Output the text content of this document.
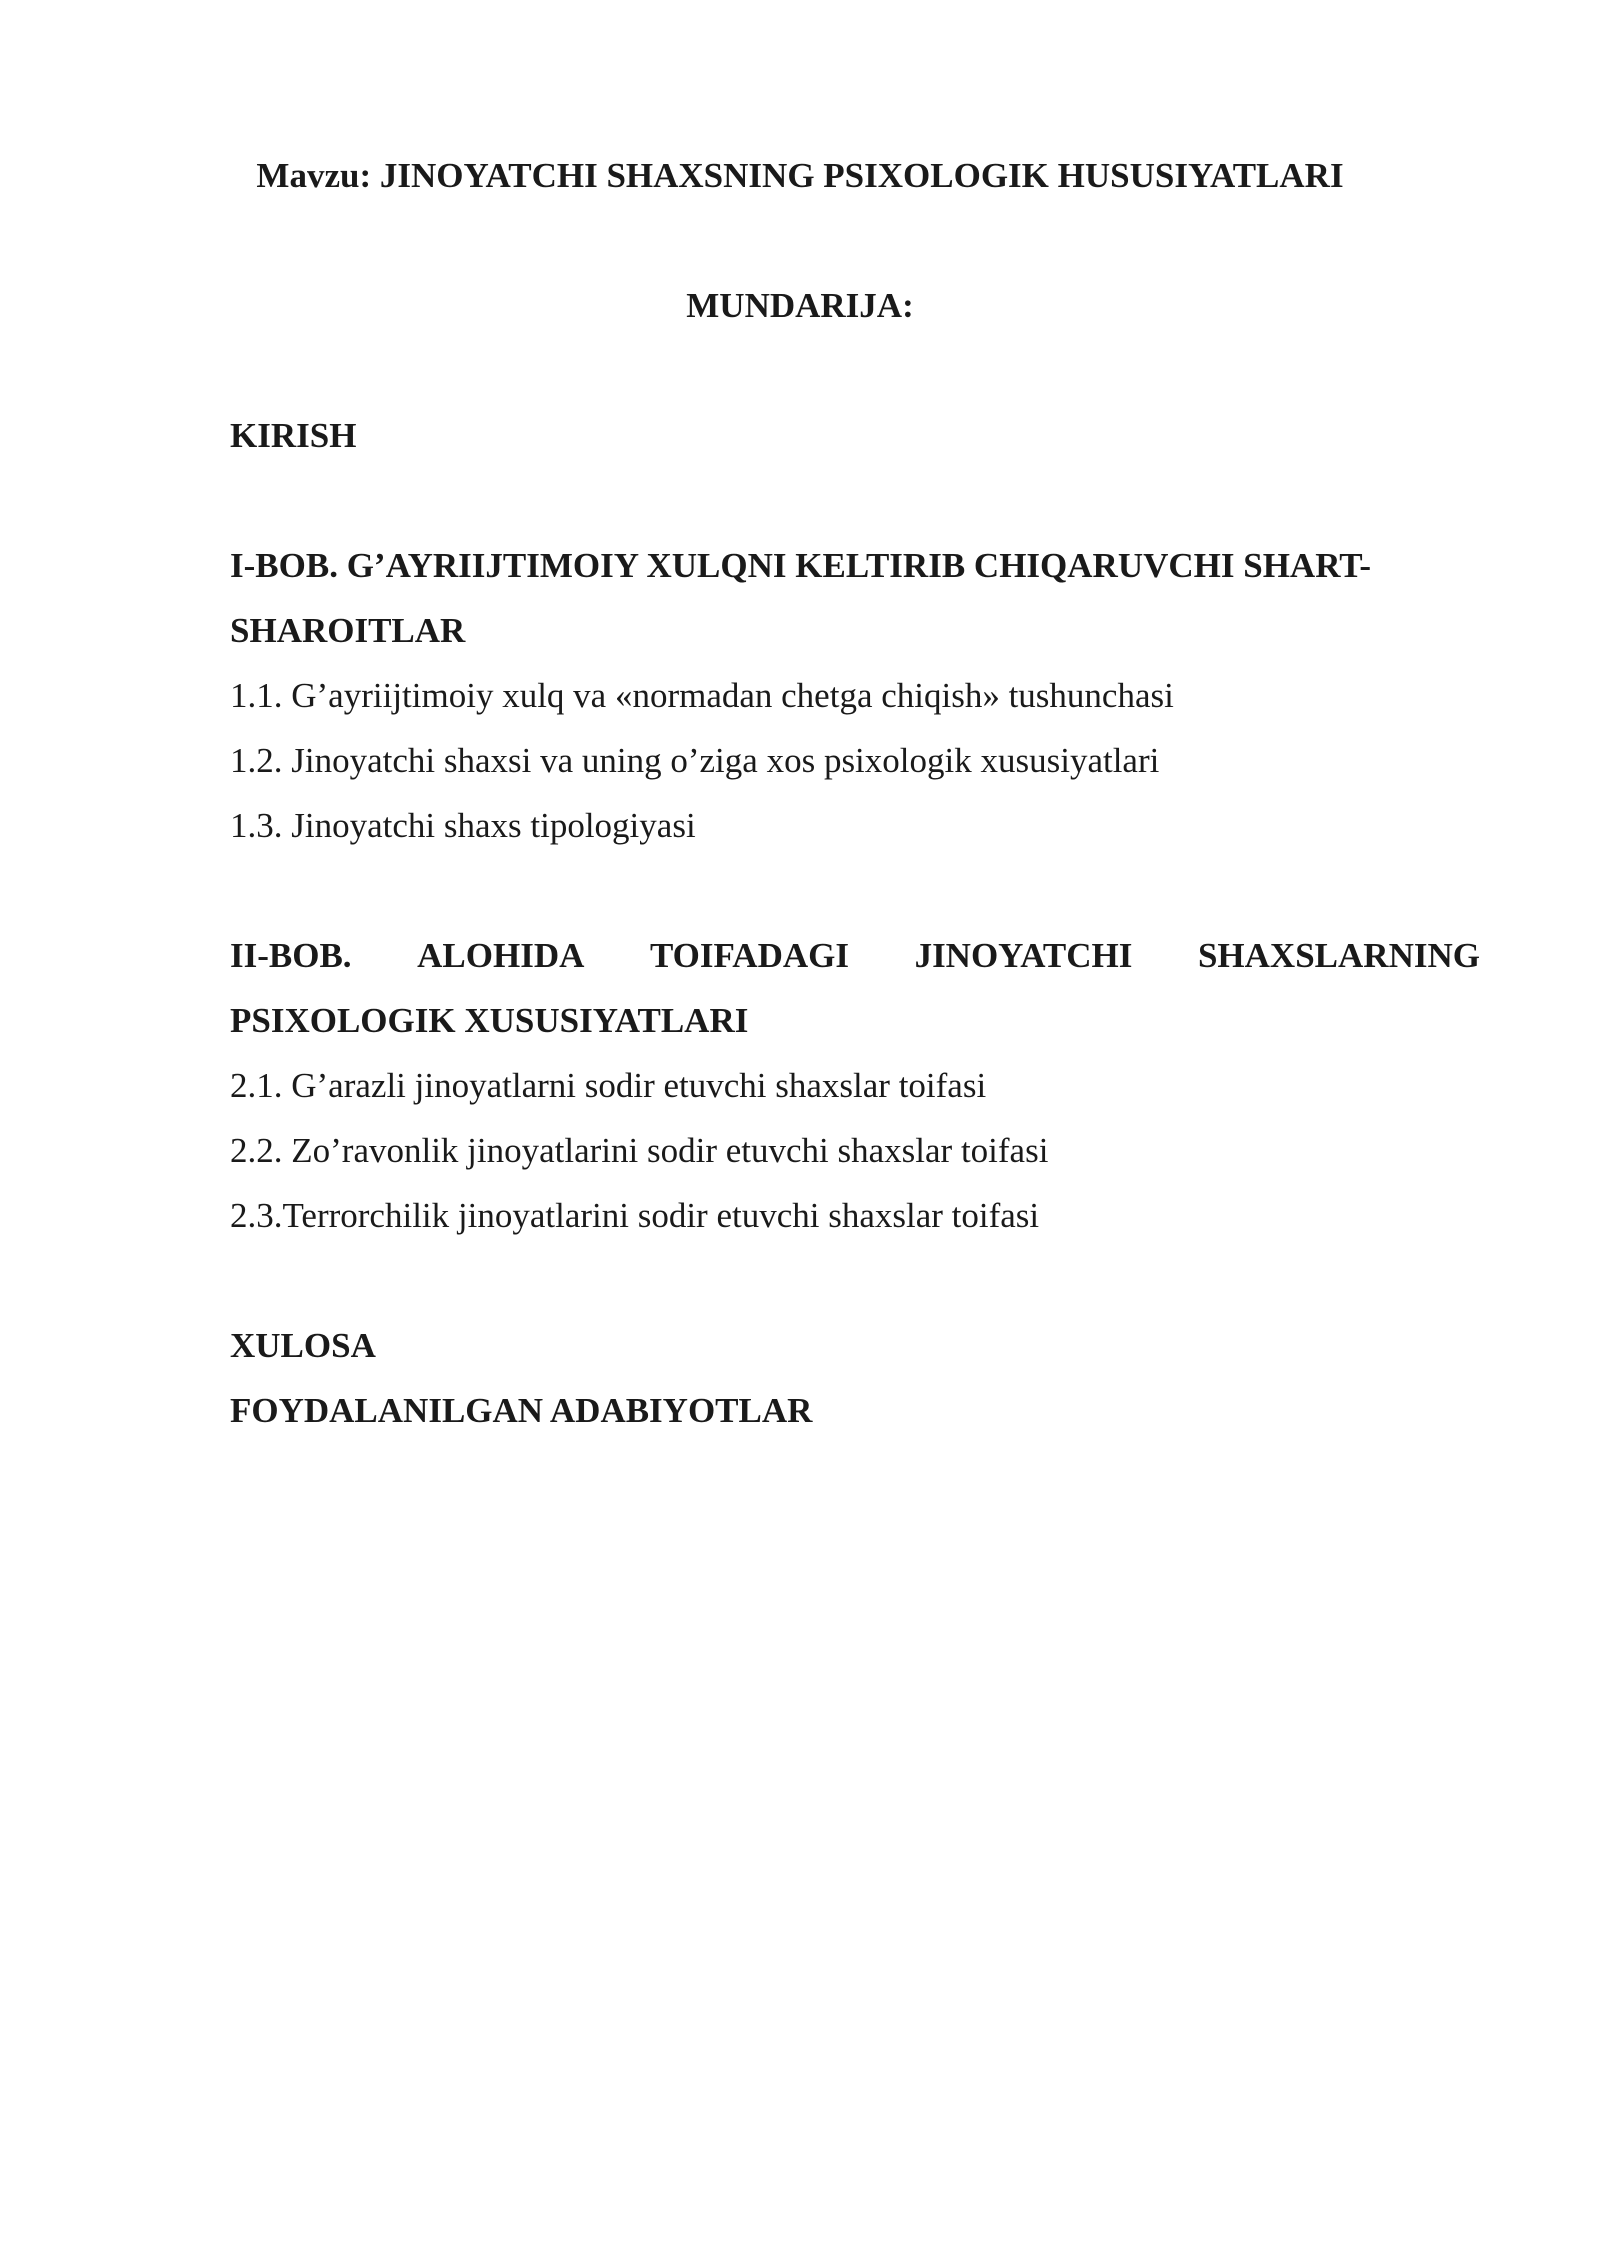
Mavzu: JINOYATCHI SHAXSNING PSIXOLOGIK HUSUSIYATLARI
MUNDARIJA:
KIRISH
I-BOB. G’AYRIIJTIMOIY XULQNI KELTIRIB CHIQARUVCHI SHART-
SHAROITLAR
1.1. G’ayriijtimoiy xulq va «normadan chetga chiqish» tushunchasi
1.2. Jinoyatchi shaxsi va uning o’ziga xos psixologik xususiyatlari
1.3. Jinoyatchi shaxs tipologiyasi
II-BOB. ALOHIDA TOIFADAGI JINOYATCHI SHAXSLARNING
PSIXOLOGIK XUSUSIYATLARI
2.1. G’arazli jinoyatlarni sodir etuvchi shaxslar toifasi
2.2. Zo’ravonlik jinoyatlarini sodir etuvchi shaxslar toifasi
2.3.Terrorchilik jinoyatlarini sodir etuvchi shaxslar toifasi
XULOSA
FOYDALANILGAN ADABIYOTLAR
